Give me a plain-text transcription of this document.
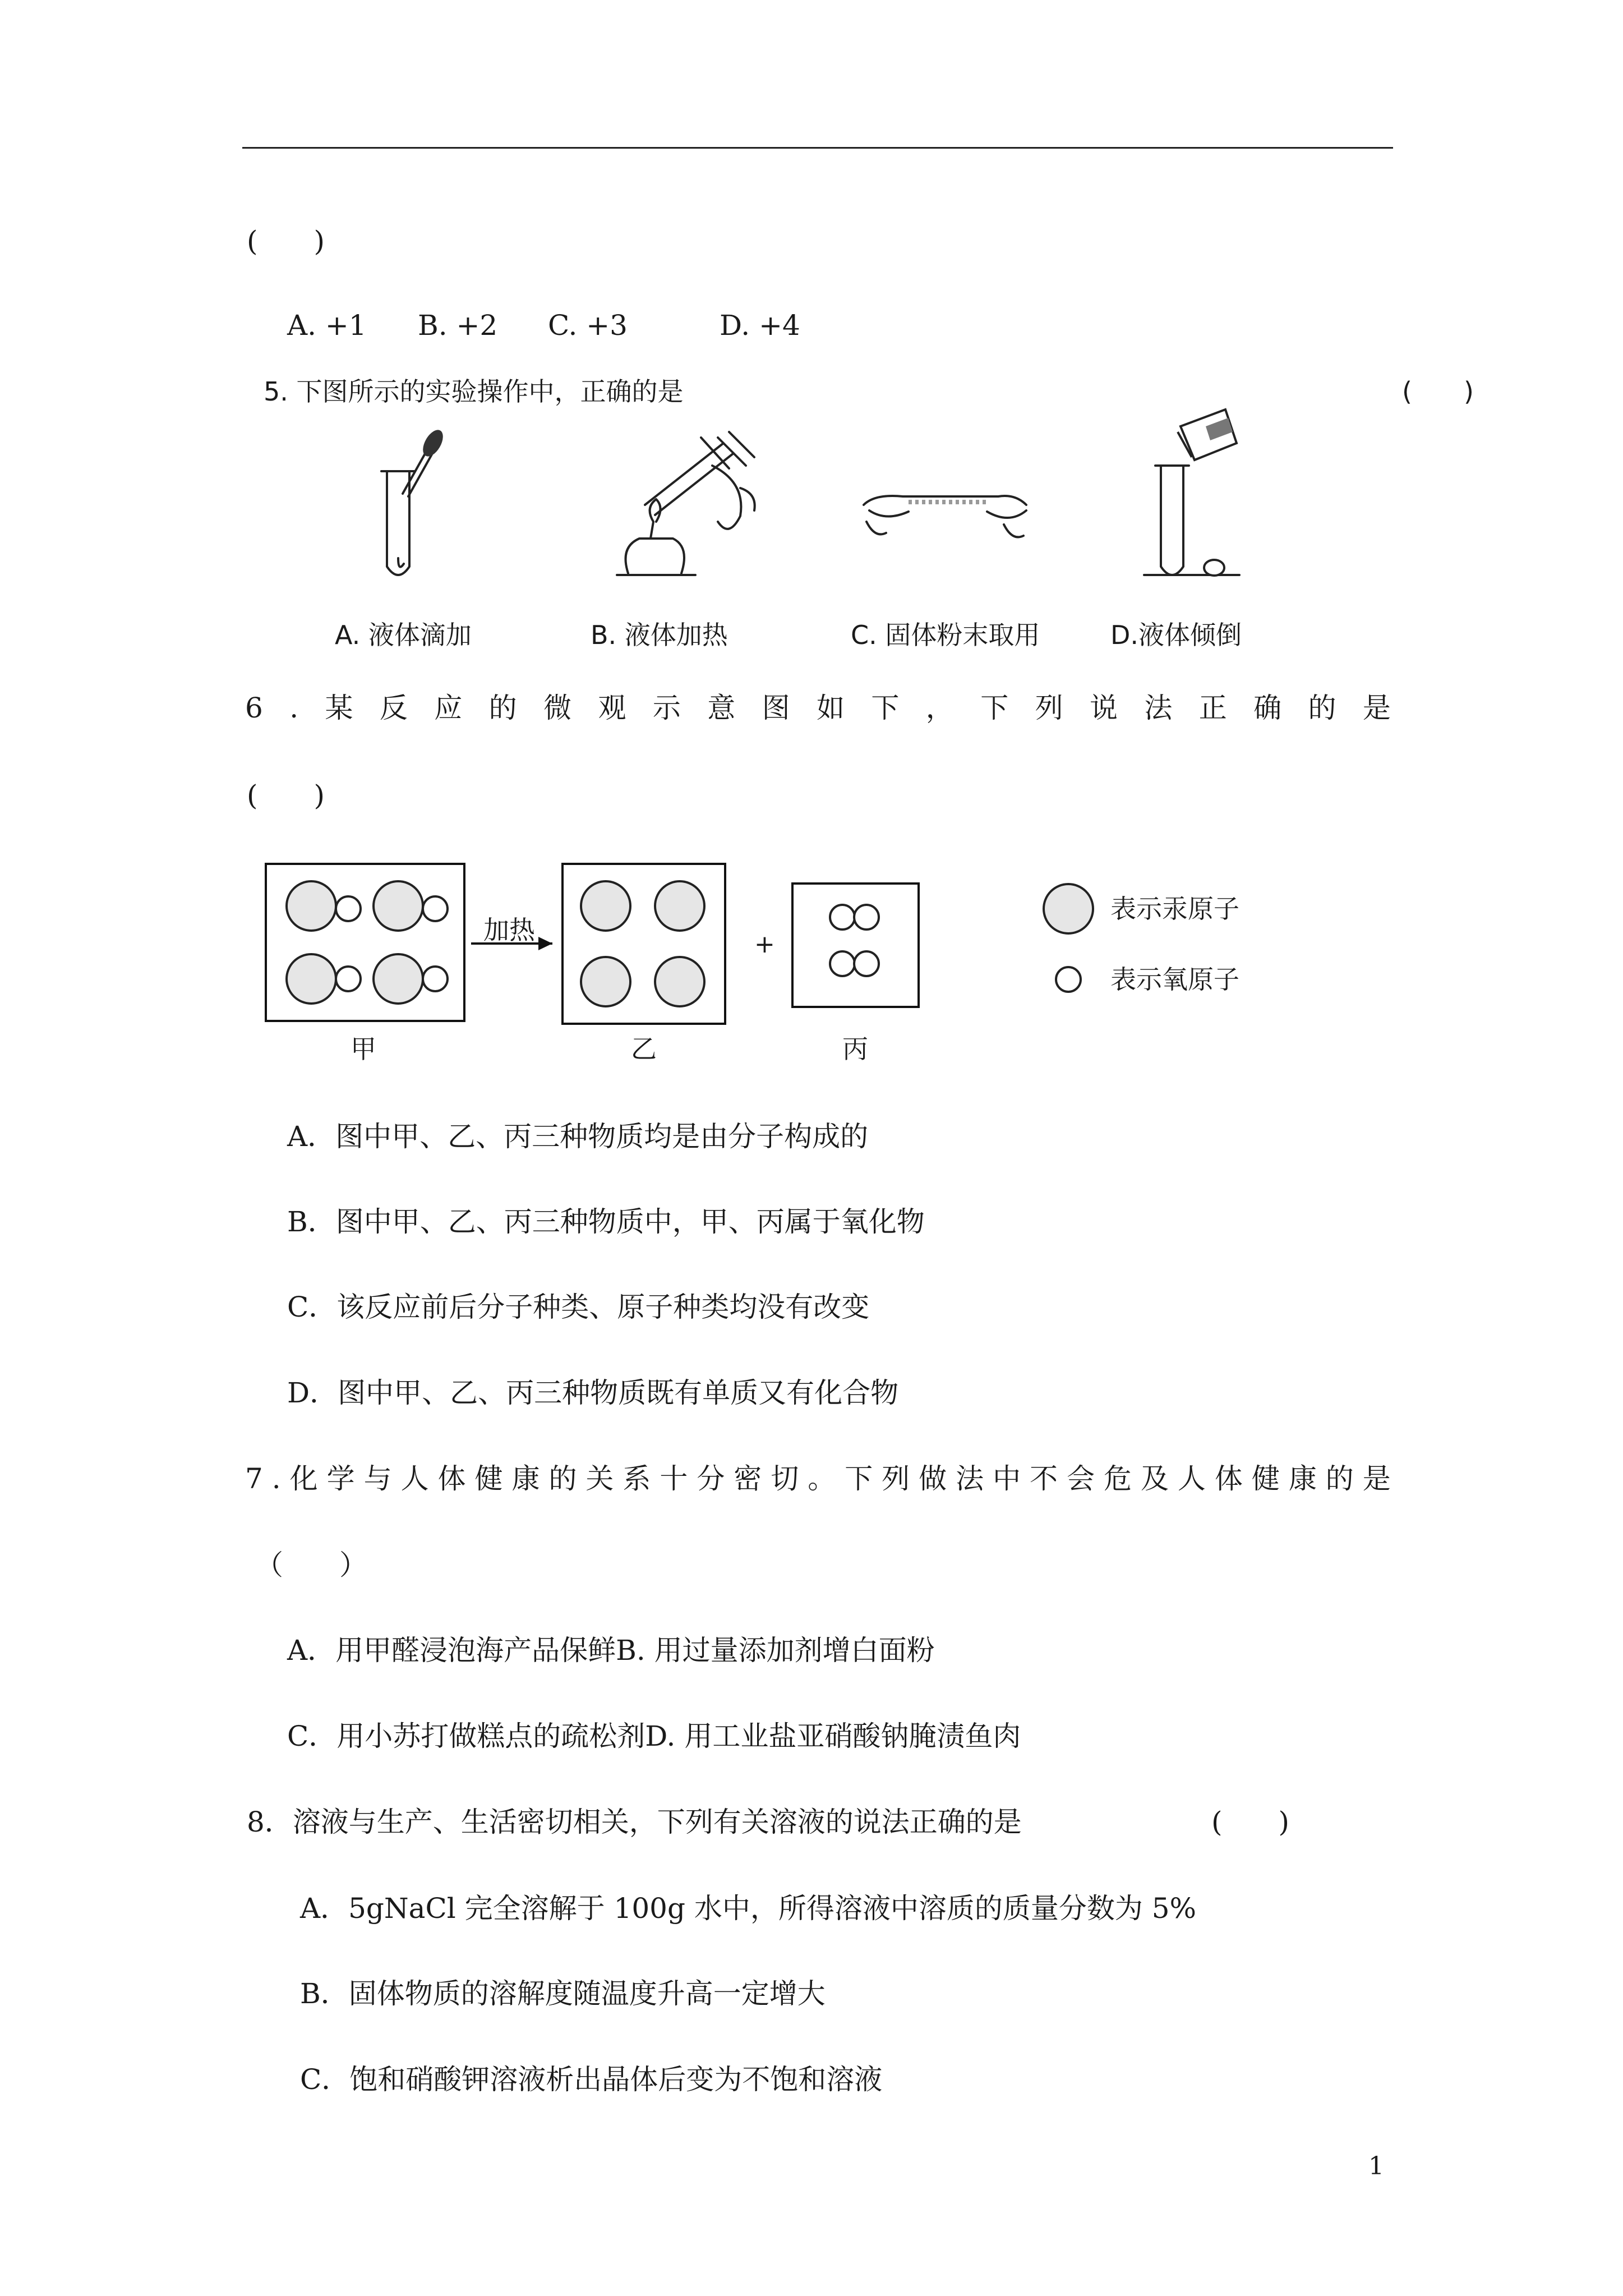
(　　)
A. +1 B. +2 C. +3	D. +4
5. 下图所示的实验操作中，正确的是	(　　)
A. 液体滴加	B. 液体加热	C. 固体粉末取用	D.液体倾倒
6 . 某 反 应 的 微 观 示 意 图 如 下 ， 下 列 说 法 正 确 的 是
(　　)
加热	+
甲	乙	丙
表示汞原子
表示氧原子
A．图中甲、乙、丙三种物质均是由分子构成的
B．图中甲、乙、丙三种物质中，甲、丙属于氧化物
C．该反应前后分子种类、原子种类均没有改变
D．图中甲、乙、丙三种物质既有单质又有化合物
7 . 化 学 与 人 体 健 康 的 关 系 十 分 密 切 。 下 列 做 法 中 不 会 危 及 人 体 健 康 的 是
（　　）
A．用甲醛浸泡海产品保鲜B. 用过量添加剂增白面粉
C．用小苏打做糕点的疏松剂D. 用工业盐亚硝酸钠腌渍鱼肉
8．溶液与生产、生活密切相关，下列有关溶液的说法正确的是	(　　)
A．5gNaCl 完全溶解于 100g 水中，所得溶液中溶质的质量分数为 5%
B．固体物质的溶解度随温度升高一定增大
C．饱和硝酸钾溶液析出晶体后变为不饱和溶液
1
